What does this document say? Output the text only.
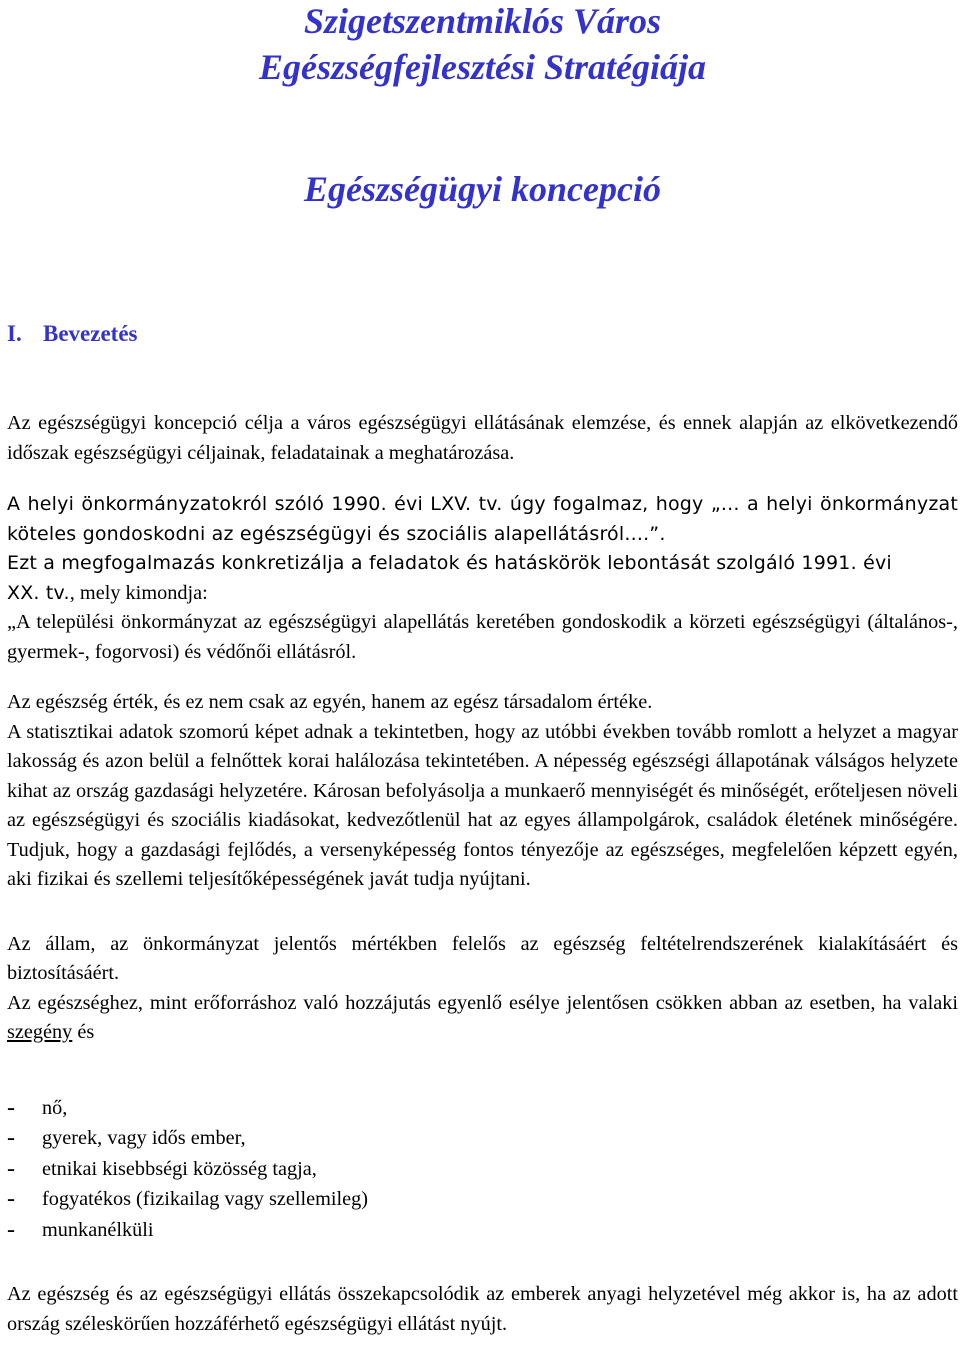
Szigetszentmiklós Város
Egészségfejlesztési Stratégiája
Egészségügyi koncepció
I. Bevezetés

Az egészségügyi koncepció célja a város egészségügyi ellátásának elemzése, és ennek alapján az elkövetkezendő időszak egészségügyi céljainak, feladatainak a meghatározása.

A helyi önkormányzatokról szóló 1990. évi LXV. tv. úgy fogalmaz, hogy „... a helyi önkormányzat köteles gondoskodni az egészségügyi és szociális alapellátásról....”.

Ezt a megfogalmazás konkretizálja a feladatok és hatáskörök lebontását szolgáló 1991. évi

XX. tv., mely kimondja:

„A települési önkormányzat az egészségügyi alapellátás keretében gondoskodik a körzeti egészségügyi (általános-, gyermek-, fogorvosi) és védőnői ellátásról.

Az egészség érték, és ez nem csak az egyén, hanem az egész társadalom értéke.

A statisztikai adatok szomorú képet adnak a tekintetben, hogy az utóbbi években tovább romlott a helyzet a magyar lakosság és azon belül a felnőttek korai halálozása tekintetében. A népesség egészségi állapotának válságos helyzete kihat az ország gazdasági helyzetére. Károsan befolyásolja a munkaerő mennyiségét és minőségét, erőteljesen növeli az egészségügyi és szociális kiadásokat, kedvezőtlenül hat az egyes állampolgárok, családok életének minőségére. Tudjuk, hogy a gazdasági fejlődés, a versenyképesség fontos tényezője az egészséges, megfelelően képzett egyén, aki fizikai és szellemi teljesítőképességének javát tudja nyújtani.

Az állam, az önkormányzat jelentős mértékben felelős az egészség feltételrendszerének kialakításáért és biztosításáért.

Az egészséghez, mint erőforráshoz való hozzájutás egyenlő esélye jelentősen csökken abban az esetben, ha valaki szegény és

- nő,
- gyerek, vagy idős ember,
- etnikai kisebbségi közösség tagja,
- fogyatékos (fizikailag vagy szellemileg)
- munkanélküli

Az egészség és az egészségügyi ellátás összekapcsolódik az emberek anyagi helyzetével még akkor is, ha az adott ország széleskörűen hozzáférhető egészségügyi ellátást nyújt.
